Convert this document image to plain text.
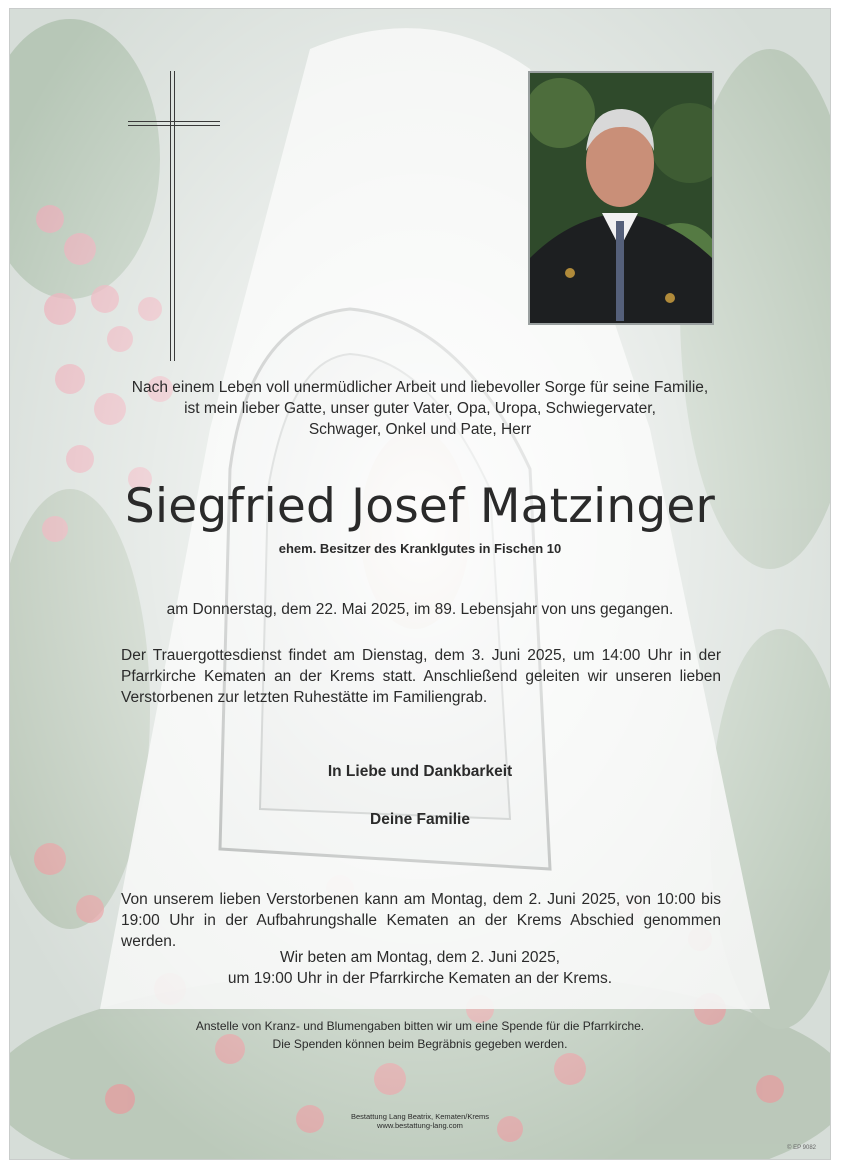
Nach einem Leben voll unermüdlicher Arbeit und liebevoller Sorge für seine Familie,
ist mein lieber Gatte, unser guter Vater, Opa, Uropa, Schwiegervater,
Schwager, Onkel und Pate, Herr
Siegfried Josef Matzinger
ehem. Besitzer des Kranklgutes in Fischen 10
am Donnerstag, dem 22. Mai 2025, im 89. Lebensjahr von uns gegangen.
Der Trauergottesdienst findet am Dienstag, dem 3. Juni 2025, um 14:00 Uhr in der Pfarrkirche Kematen an der Krems statt. Anschließend geleiten wir unseren lieben Verstorbenen zur letzten Ruhestätte im Familiengrab.
In Liebe und Dankbarkeit
Deine Familie
Von unserem lieben Verstorbenen kann am Montag, dem 2. Juni 2025, von 10:00 bis 19:00 Uhr in der Aufbahrungshalle Kematen an der Krems Abschied genommen werden.
Wir beten am Montag, dem 2. Juni 2025,
um 19:00 Uhr in der Pfarrkirche Kematen an der Krems.
Anstelle von Kranz- und Blumengaben bitten wir um eine Spende für die Pfarrkirche.
Die Spenden können beim Begräbnis gegeben werden.
Bestattung Lang Beatrix, Kematen/Krems
www.bestattung-lang.com
© EP 9082
